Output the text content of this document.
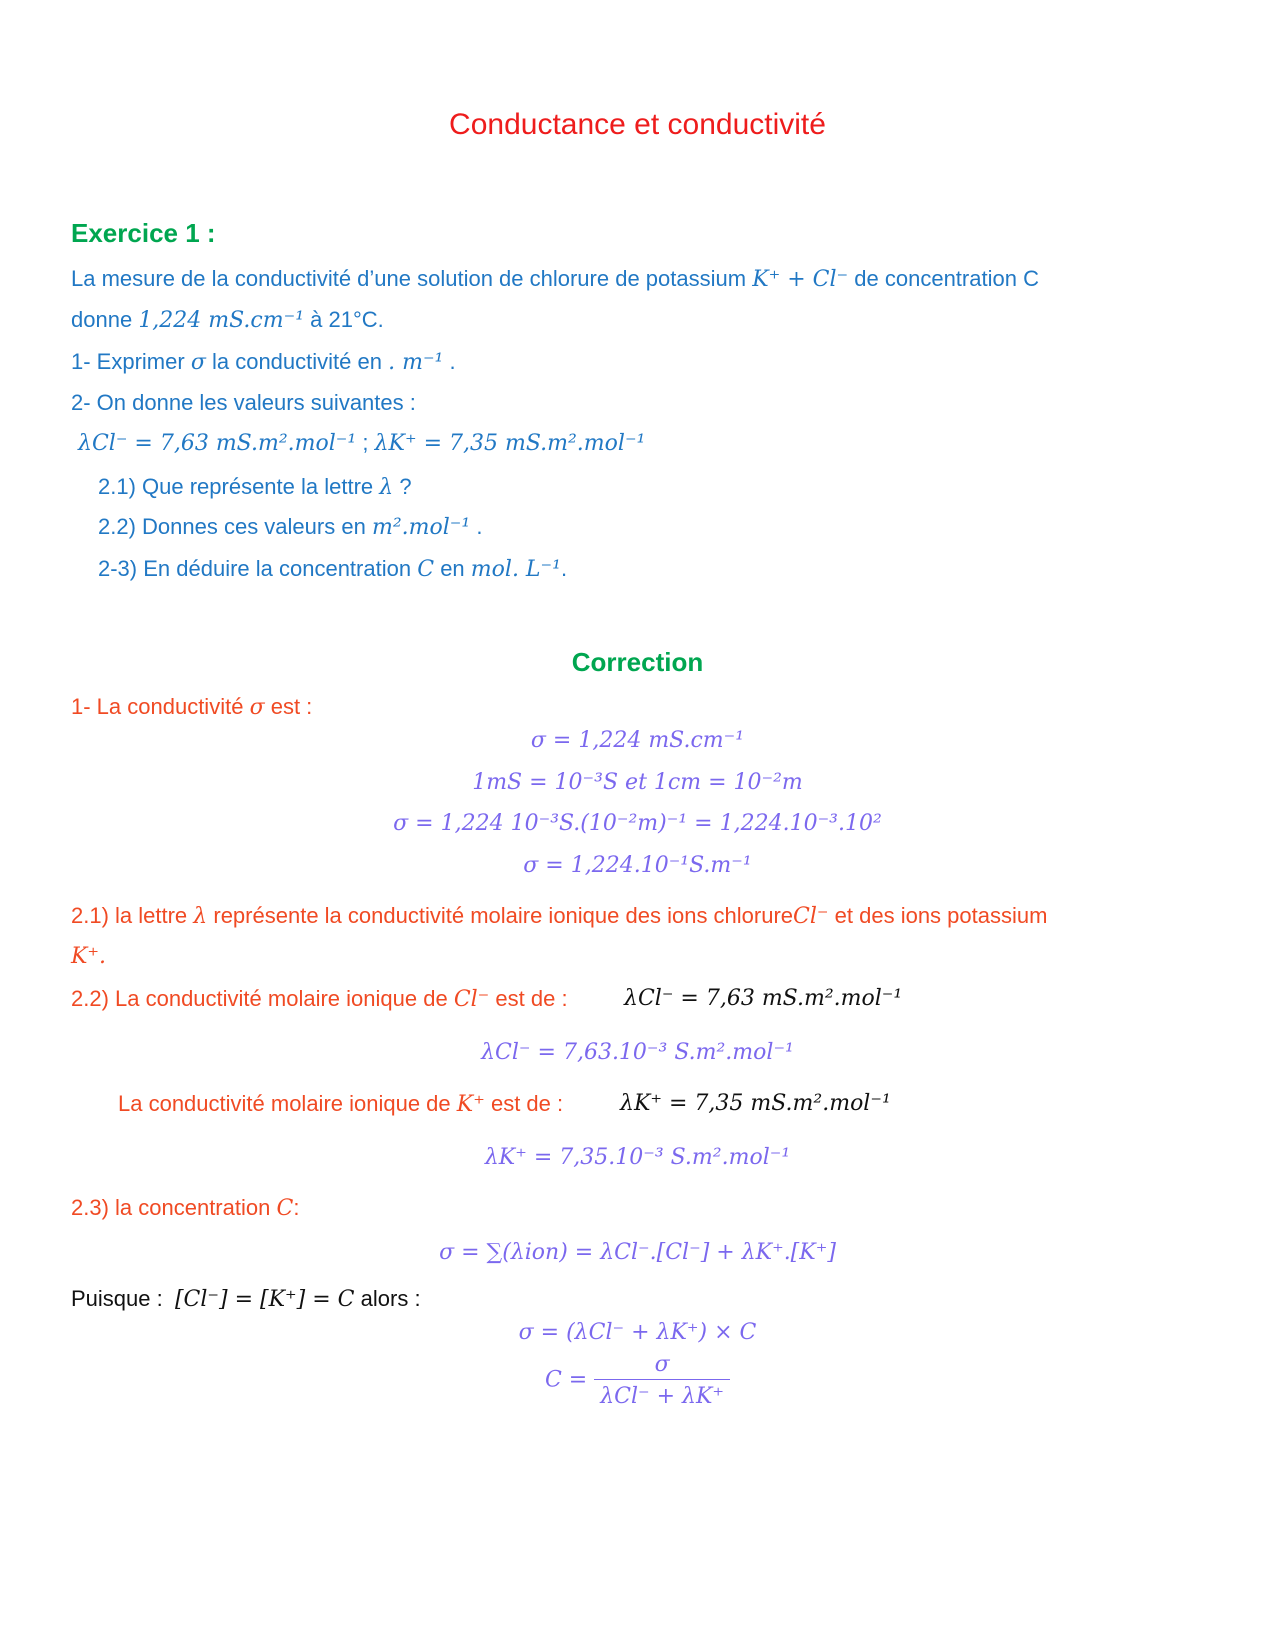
Conductance et conductivité
Exercice 1 :
La mesure de la conductivité d’une solution de chlorure de potassium K⁺ + Cl⁻ de concentration C
donne 1,224 mS.cm⁻¹ à 21°C.
1- Exprimer σ la conductivité en . m⁻¹ .
2- On donne les valeurs suivantes :
λCl⁻ = 7,63 mS.m².mol⁻¹ ; λK⁺ = 7,35 mS.m².mol⁻¹
2.1) Que représente la lettre λ ?
2.2) Donnes ces valeurs en m².mol⁻¹ .
2-3) En déduire la concentration C en mol. L⁻¹.
Correction
1- La conductivité σ est :
σ = 1,224 mS.cm⁻¹
1mS = 10⁻³S et 1cm = 10⁻²m
σ = 1,224 10⁻³S.(10⁻²m)⁻¹ = 1,224.10⁻³.10²
σ = 1,224.10⁻¹S.m⁻¹
2.1) la lettre λ représente la conductivité molaire ionique des ions chlorureCl⁻ et des ions potassium
K⁺.
2.2) La conductivité molaire ionique de Cl⁻ est de :	λCl⁻ = 7,63 mS.m².mol⁻¹
λCl⁻ = 7,63.10⁻³ S.m².mol⁻¹
La conductivité molaire ionique de K⁺ est de :	λK⁺ = 7,35 mS.m².mol⁻¹
λK⁺ = 7,35.10⁻³ S.m².mol⁻¹
2.3) la concentration C:
σ = ∑(λion) = λCl⁻.[Cl⁻] + λK⁺.[K⁺]
Puisque : [Cl⁻] = [K⁺] = C alors :
σ = (λCl⁻ + λK⁺) × C
$C = \frac{\sigma}{\text{λCl⁻ + λK⁺}}$
